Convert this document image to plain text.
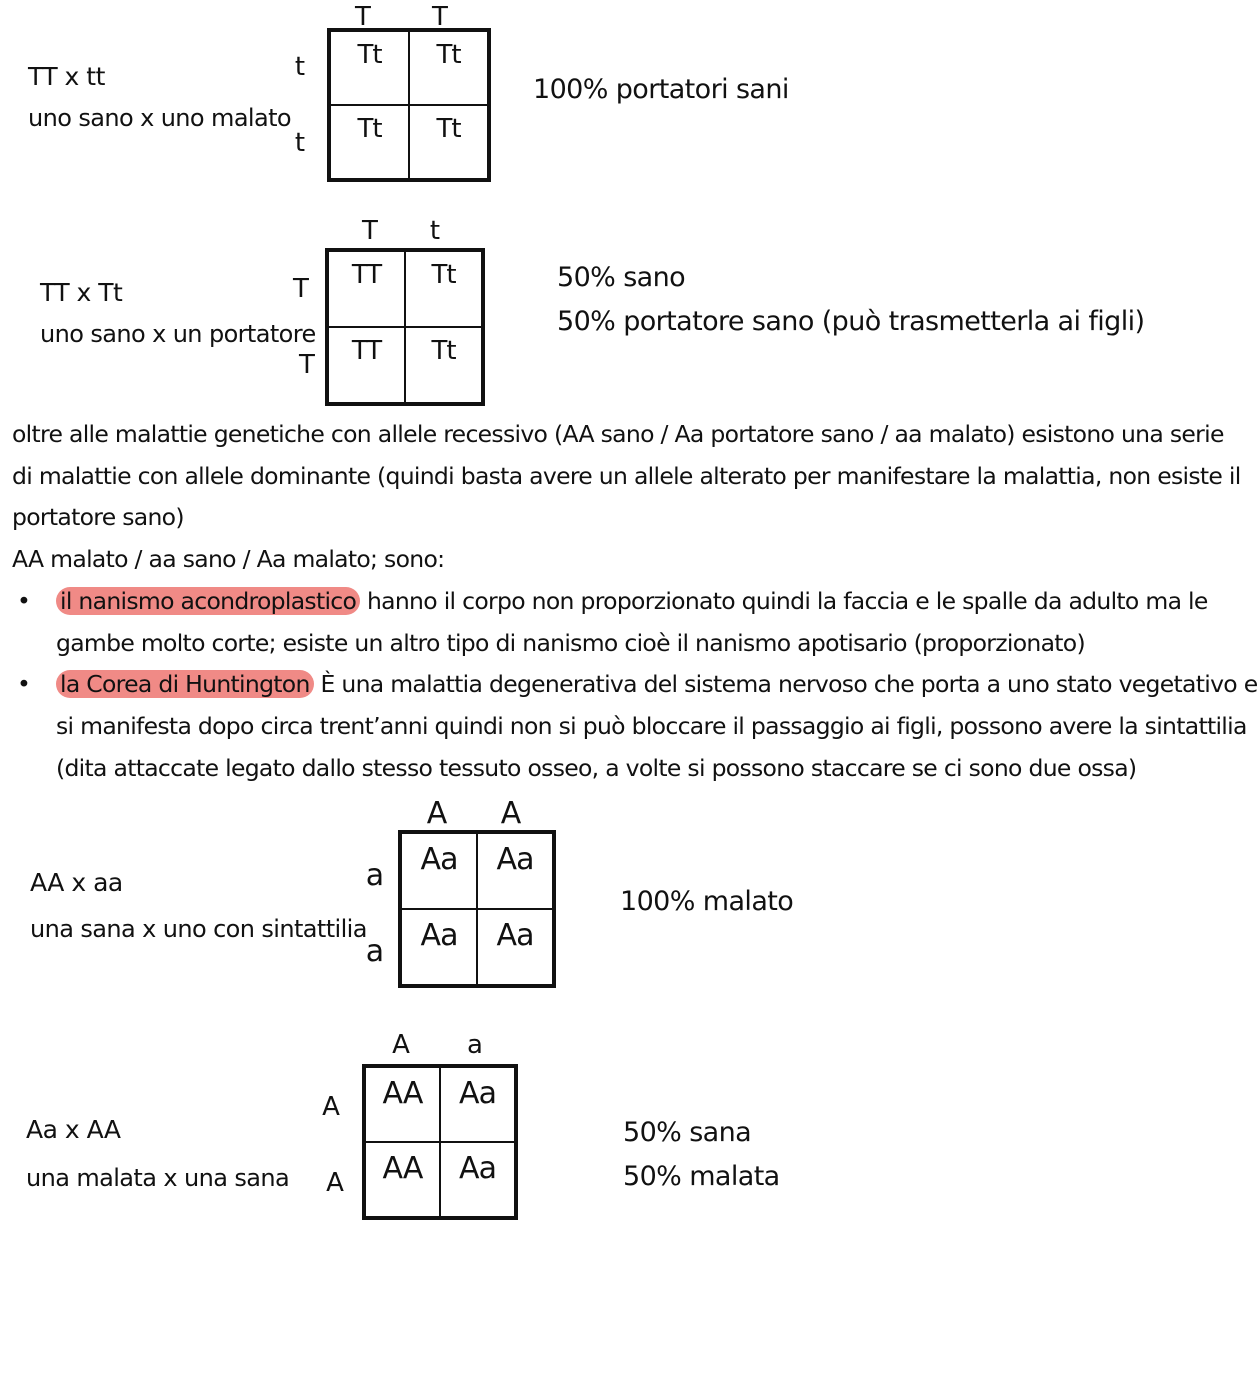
TT x tt
uno sano x uno malato
T T
t
t
Tt	Tt
Tt	Tt
100% portatori sani
TT x Tt
uno sano x un portatore
T	t
T
T
TT	Tt
TT	Tt
50% sano
50% portatore sano (può trasmetterla ai figli)
oltre alle malattie genetiche con allele recessivo (AA sano / Aa portatore sano / aa malato) esistono una serie
di malattie con allele dominante (quindi basta avere un allele alterato per manifestare la malattia, non esiste il
portatore sano)
AA malato / aa sano / Aa malato; sono:
• il nanismo acondroplastico hanno il corpo non proporzionato quindi la faccia e le spalle da adulto ma le
gambe molto corte; esiste un altro tipo di nanismo cioè il nanismo apotisario (proporzionato)
• la Corea di Huntington È una malattia degenerativa del sistema nervoso che porta a uno stato vegetativo e
si manifesta dopo circa trent’anni quindi non si può bloccare il passaggio ai figli, possono avere la sintattilia
(dita attaccate legato dallo stesso tessuto osseo, a volte si possono staccare se ci sono due ossa)
AA x aa
una sana x uno con sintattilia
A A
a
a
Aa	Aa
Aa	Aa
100% malato
Aa x AA
una malata x una sana
A a
A
A
AA	Aa
AA	Aa
50% sana
50% malata
